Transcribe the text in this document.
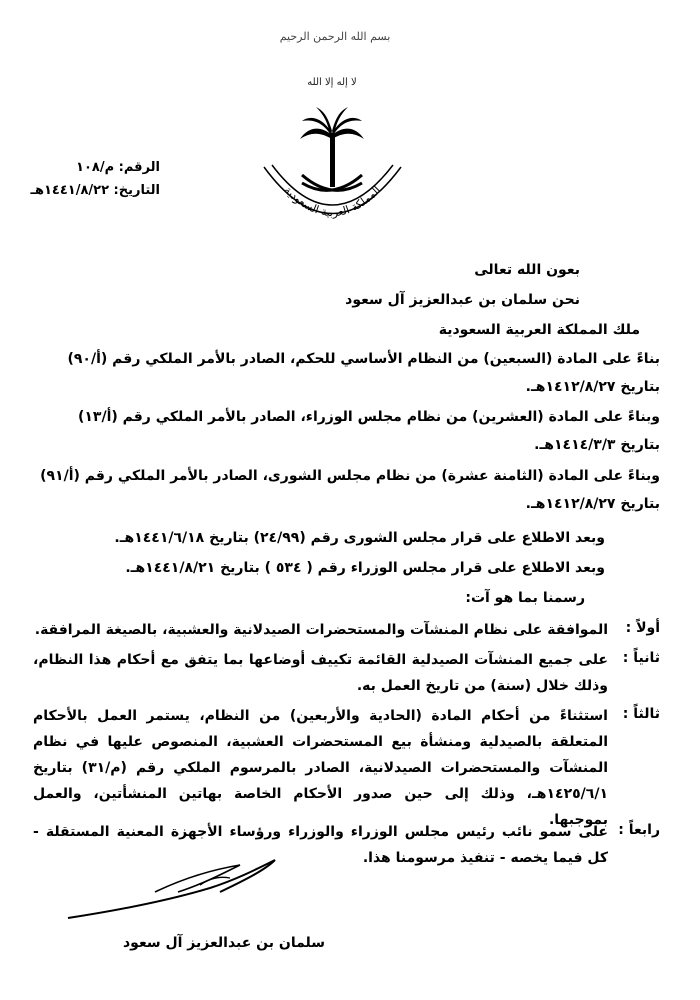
بسم الله الرحمن الرحيم
لا إله إلا الله
المملكة العربية السعودية
الرقم: م/١٠٨
التاريخ: ١٤٤١/٨/٢٢هـ
بعون الله تعالى
نحن سلمان بن عبدالعزيز آل سعود
ملك المملكة العربية السعودية
بناءً على المادة (السبعين) من النظام الأساسي للحكم، الصادر بالأمر الملكي رقم (أ/٩٠) بتاريخ ١٤١٢/٨/٢٧هـ.
وبناءً على المادة (العشرين) من نظام مجلس الوزراء، الصادر بالأمر الملكي رقم (أ/١٣) بتاريخ ١٤١٤/٣/٣هـ.
وبناءً على المادة (الثامنة عشرة) من نظام مجلس الشورى، الصادر بالأمر الملكي رقم (أ/٩١) بتاريخ ١٤١٢/٨/٢٧هـ.
وبعد الاطلاع على قرار مجلس الشورى رقم (٢٤/٩٩) بتاريخ ١٤٤١/٦/١٨هـ.
وبعد الاطلاع على قرار مجلس الوزراء رقم ( ٥٣٤ ) بتاريخ ١٤٤١/٨/٢١هـ.
رسمنا بما هو آت:
أولاً :
الموافقة على نظام المنشآت والمستحضرات الصيدلانية والعشبية، بالصيغة المرافقة.
ثانياً :
على جميع المنشآت الصيدلية القائمة تكييف أوضاعها بما يتفق مع أحكام هذا النظام، وذلك خلال (سنة) من تاريخ العمل به.
ثالثاً :
استثناءً من أحكام المادة (الحادية والأربعين) من النظام، يستمر العمل بالأحكام المتعلقة بالصيدلية ومنشأة بيع المستحضرات العشبية، المنصوص عليها في نظام المنشآت والمستحضرات الصيدلانية، الصادر بالمرسوم الملكي رقم (م/٣١) بتاريخ ١٤٢٥/٦/١هـ، وذلك إلى حين صدور الأحكام الخاصة بهاتين المنشأتين، والعمل بموجبها.
رابعاً :
على سمو نائب رئيس مجلس الوزراء والوزراء ورؤساء الأجهزة المعنية المستقلة - كل فيما يخصه - تنفيذ مرسومنا هذا.
سلمان بن عبدالعزيز آل سعود
